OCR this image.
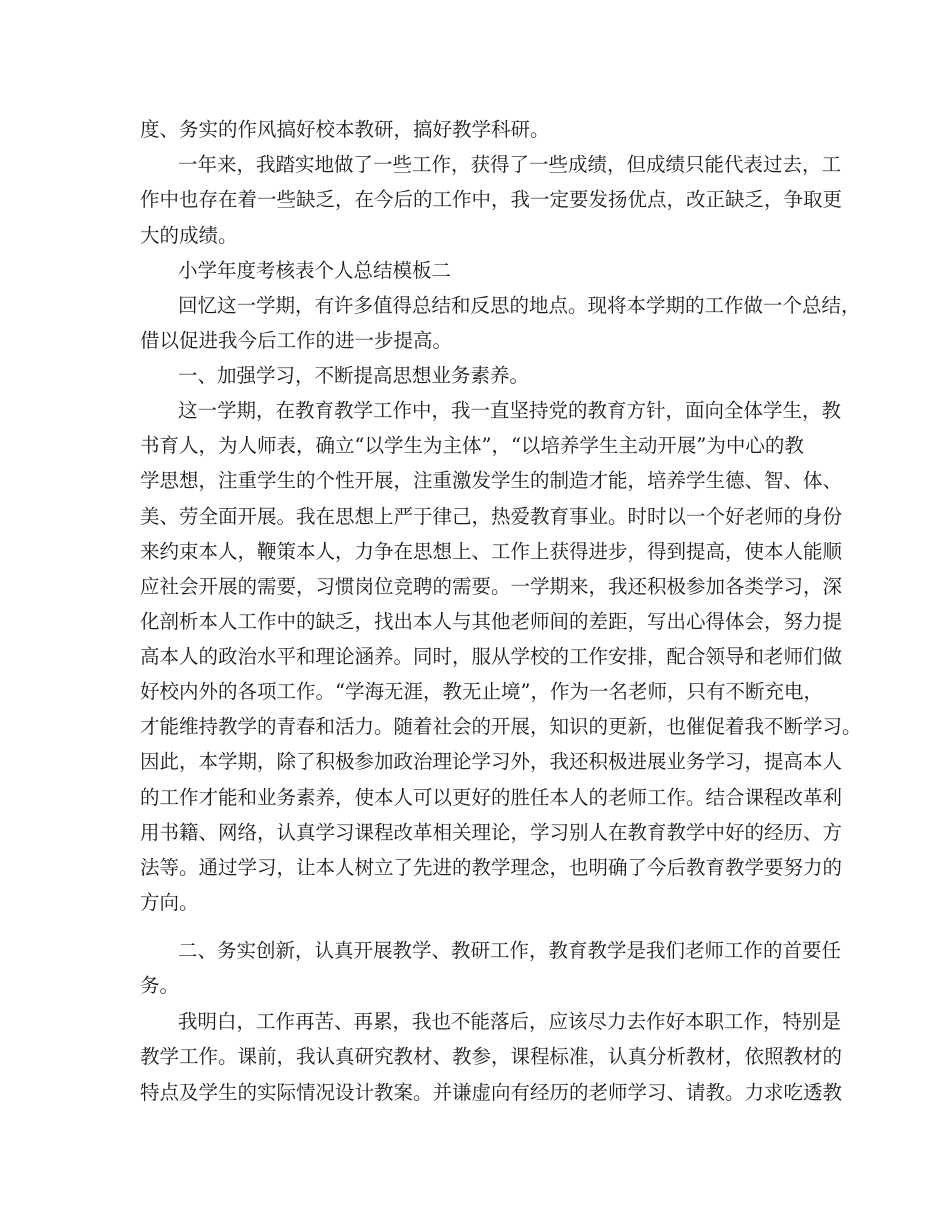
度、务实的作风搞好校本教研，搞好教学科研。
一年来，我踏实地做了一些工作，获得了一些成绩，但成绩只能代表过去，工
作中也存在着一些缺乏，在今后的工作中，我一定要发扬优点，改正缺乏，争取更
大的成绩。
小学年度考核表个人总结模板二
回忆这一学期，有许多值得总结和反思的地点。现将本学期的工作做一个总结，
借以促进我今后工作的进一步提高。
一、加强学习，不断提高思想业务素养。
这一学期，在教育教学工作中，我一直坚持党的教育方针，面向全体学生，教
书育人，为人师表，确立“以学生为主体”，“以培养学生主动开展”为中心的教
学思想，注重学生的个性开展，注重激发学生的制造才能，培养学生德、智、体、
美、劳全面开展。我在思想上严于律己，热爱教育事业。时时以一个好老师的身份
来约束本人，鞭策本人，力争在思想上、工作上获得进步，得到提高，使本人能顺
应社会开展的需要，习惯岗位竞聘的需要。一学期来，我还积极参加各类学习，深
化剖析本人工作中的缺乏，找出本人与其他老师间的差距，写出心得体会，努力提
高本人的政治水平和理论涵养。同时，服从学校的工作安排，配合领导和老师们做
好校内外的各项工作。“学海无涯，教无止境”，作为一名老师，只有不断充电，
才能维持教学的青春和活力。随着社会的开展，知识的更新，也催促着我不断学习。
因此，本学期，除了积极参加政治理论学习外，我还积极进展业务学习，提高本人
的工作才能和业务素养，使本人可以更好的胜任本人的老师工作。结合课程改革利
用书籍、网络，认真学习课程改革相关理论，学习别人在教育教学中好的经历、方
法等。通过学习，让本人树立了先进的教学理念，也明确了今后教育教学要努力的
方向。
二、务实创新，认真开展教学、教研工作，教育教学是我们老师工作的首要任
务。
我明白，工作再苦、再累，我也不能落后，应该尽力去作好本职工作，特别是
教学工作。课前，我认真研究教材、教参，课程标准，认真分析教材，依照教材的
特点及学生的实际情况设计教案。并谦虚向有经历的老师学习、请教。力求吃透教
